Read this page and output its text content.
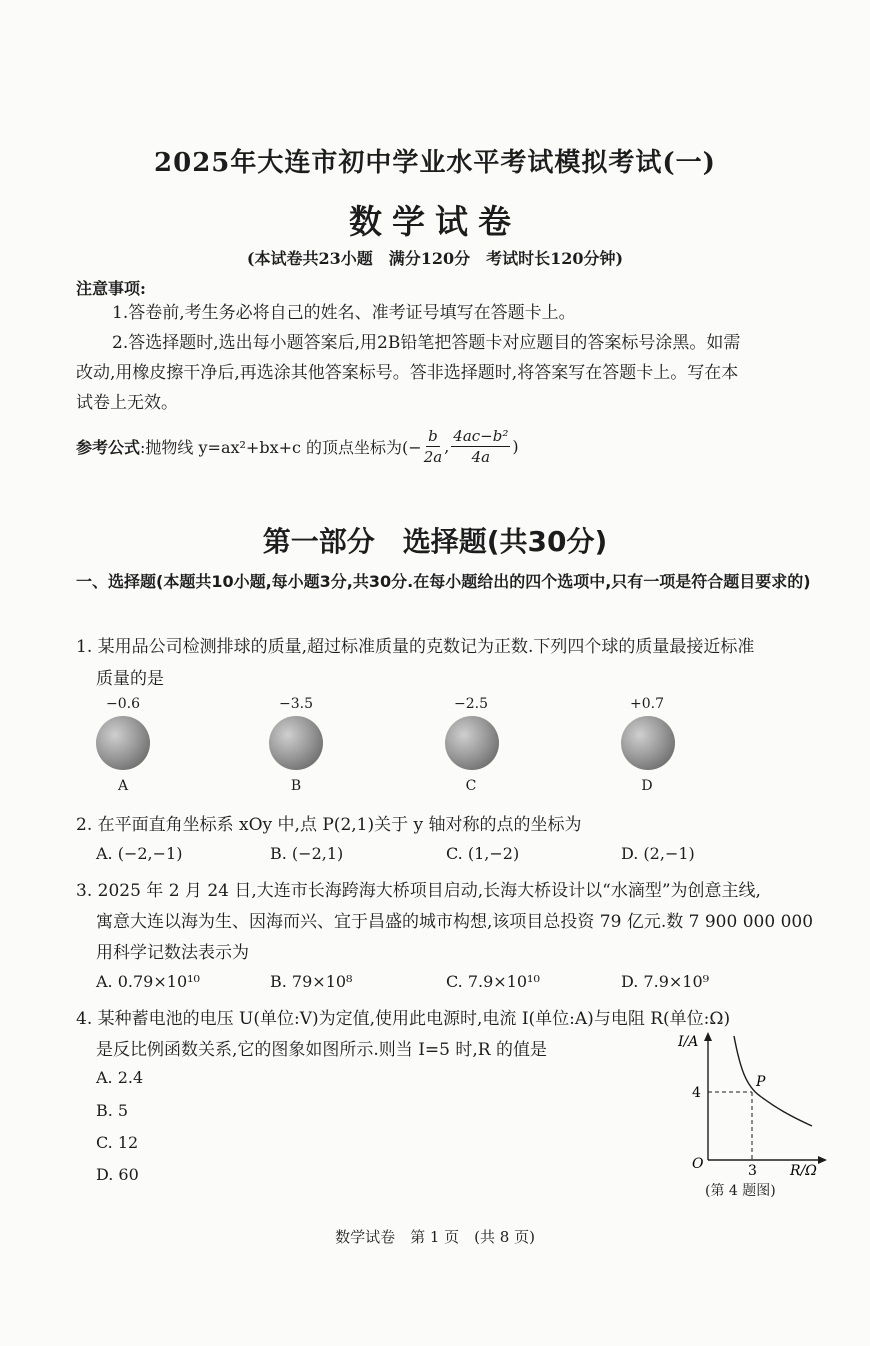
2025年大连市初中学业水平考试模拟考试(一)
数学试卷
(本试卷共23小题　满分120分　考试时长120分钟)
注意事项:
1.答卷前,考生务必将自己的姓名、准考证号填写在答题卡上。
2.答选择题时,选出每小题答案后,用2B铅笔把答题卡对应题目的答案标号涂黑。如需
改动,用橡皮擦干净后,再选涂其他答案标号。答非选择题时,将答案写在答题卡上。写在本
试卷上无效。
参考公式 :抛物线 y=ax²+bx+c 的顶点坐标为(− $\frac{b}{2a}$ , $\frac{\text{4ac−b²}}{4a}$ )
第一部分　选择题(共30分)
一、选择题(本题共10小题,每小题3分,共30分.在每小题给出的四个选项中,只有一项是符合题目要求的)
1. 某用品公司检测排球的质量,超过标准质量的克数记为正数.下列四个球的质量最接近标准
质量的是
−0.6
A
−3.5
B
−2.5
C
+0.7
D
2. 在平面直角坐标系 xOy 中,点 P(2,1)关于 y 轴对称的点的坐标为
A. (−2,−1)	B. (−2,1)	C. (1,−2)	D. (2,−1)
3. 2025 年 2 月 24 日,大连市长海跨海大桥项目启动,长海大桥设计以“水滴型”为创意主线,
寓意大连以海为生、因海而兴、宜于昌盛的城市构想,该项目总投资 79 亿元.数 7 900 000 000
用科学记数法表示为
A. 0.79×10¹⁰	B. 79×10⁸	C. 7.9×10¹⁰	D. 7.9×10⁹
4. 某种蓄电池的电压 U(单位:V)为定值,使用此电源时,电流 I(单位:A)与电阻 R(单位:Ω)
是反比例函数关系,它的图象如图所示.则当 I=5 时,R 的值是
A. 2.4
B. 5
C. 12
D. 60
I/A
R/Ω
O
P
4
3
(第 4 题图)
数学试卷　第 1 页　(共 8 页)
